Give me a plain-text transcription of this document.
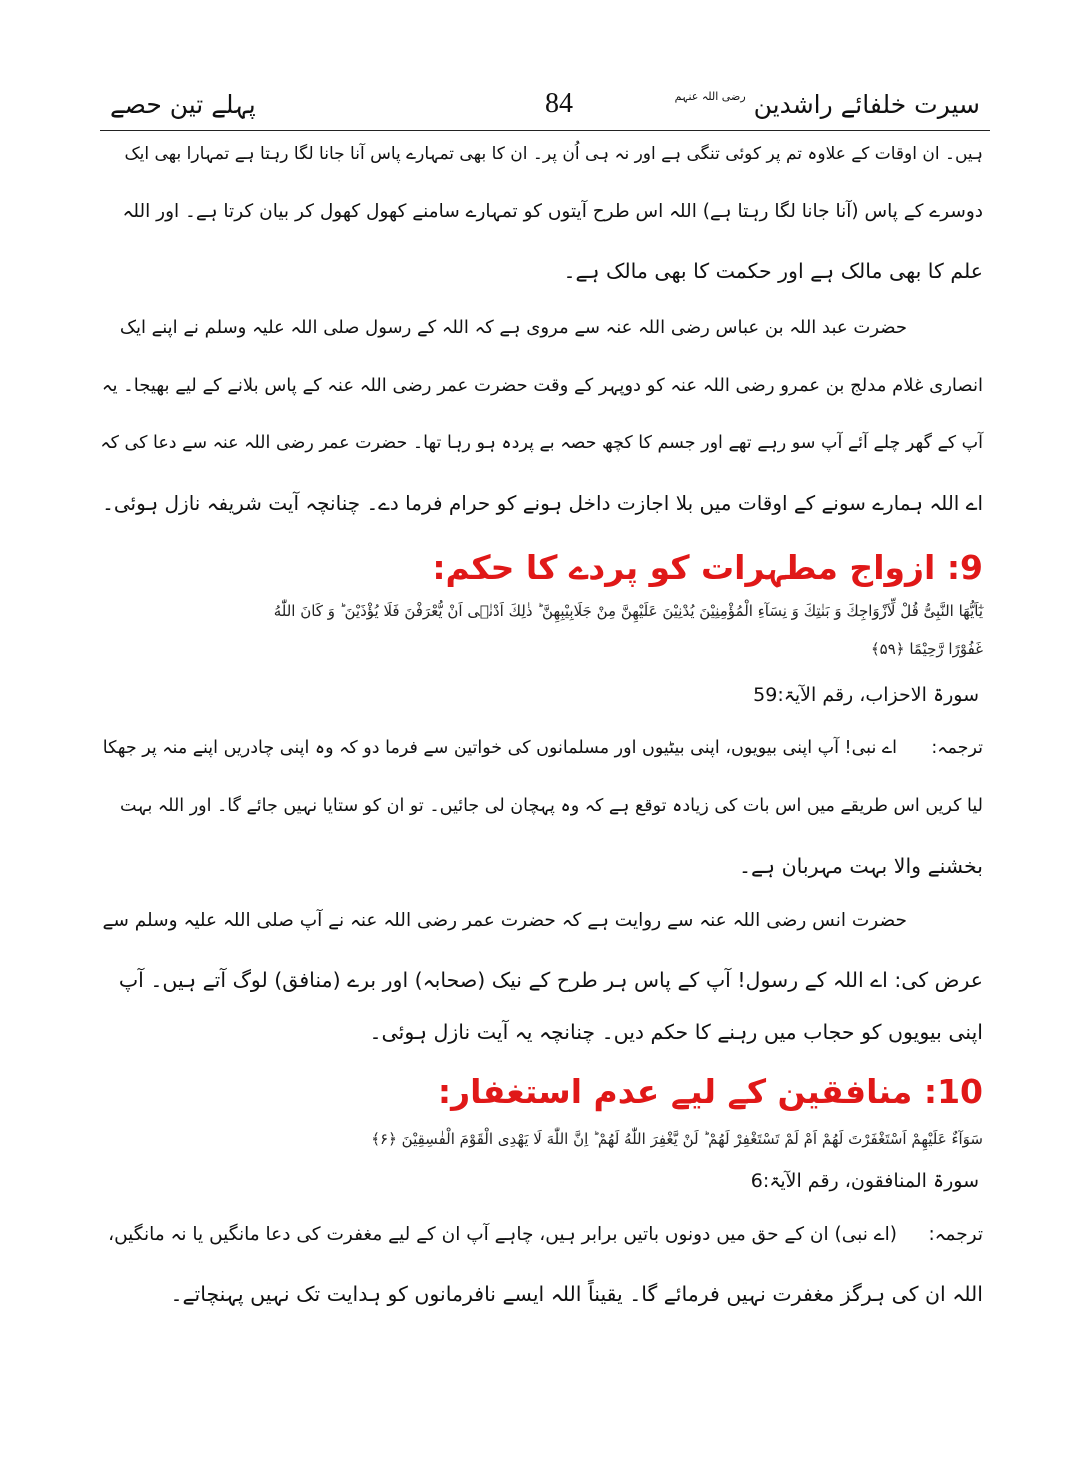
سیرت خلفائے راشدین $^{رضی اللہ عنہم}$
84
پہلے تین حصے
ہیں۔ ان اوقات کے علاوہ تم پر کوئی تنگی ہے اور نہ ہی اُن پر۔ ان کا بھی تمہارے پاس آنا جانا لگا رہتا ہے تمہارا بھی ایک
دوسرے کے پاس (آنا جانا لگا رہتا ہے) اللہ اس طرح آیتوں کو تمہارے سامنے کھول کھول کر بیان کرتا ہے۔ اور اللہ
علم کا بھی مالک ہے اور حکمت کا بھی مالک ہے۔
حضرت عبد اللہ بن عباس رضی اللہ عنہ سے مروی ہے کہ اللہ کے رسول صلی اللہ علیہ وسلم نے اپنے ایک
انصاری غلام مدلج بن عمرو رضی اللہ عنہ کو دوپہر کے وقت حضرت عمر رضی اللہ عنہ کے پاس بلانے کے لیے بھیجا۔ یہ
آپ کے گھر چلے آئے آپ سو رہے تھے اور جسم کا کچھ حصہ بے پردہ ہو رہا تھا۔ حضرت عمر رضی اللہ عنہ سے دعا کی کہ
اے اللہ ہمارے سونے کے اوقات میں بلا اجازت داخل ہونے کو حرام فرما دے۔ چنانچہ آیت شریفہ نازل ہوئی۔
9: ازواج مطہرات کو پردے کا حکم:
یٰٓاَیُّهَا النَّبِیُّ قُلْ لِّاَزْوَاجِكَ وَ بَنٰتِكَ وَ نِسَآءِ الْمُؤْمِنِیْنَ یُدْنِیْنَ عَلَیْهِنَّ مِنْ جَلَابِیْبِهِنَّ ؕ ذٰلِكَ اَدْنٰۤی اَنْ یُّعْرَفْنَ فَلَا یُؤْذَیْنَ ؕ وَ كَانَ اللّٰهُ
غَفُوْرًا رَّحِیْمًا ﴿۵۹﴾
سورۃ الاحزاب، رقم الآیۃ:59
ترجمہ:اے نبی! آپ اپنی بیویوں، اپنی بیٹیوں اور مسلمانوں کی خواتین سے فرما دو کہ وہ اپنی چادریں اپنے منہ پر جھکا
لیا کریں اس طریقے میں اس بات کی زیادہ توقع ہے کہ وہ پہچان لی جائیں۔ تو ان کو ستایا نہیں جائے گا۔ اور اللہ بہت
بخشنے والا بہت مہربان ہے۔
حضرت انس رضی اللہ عنہ سے روایت ہے کہ حضرت عمر رضی اللہ عنہ نے آپ صلی اللہ علیہ وسلم سے
عرض کی: اے اللہ کے رسول! آپ کے پاس ہر طرح کے نیک (صحابہ) اور برے (منافق) لوگ آتے ہیں۔ آپ
اپنی بیویوں کو حجاب میں رہنے کا حکم دیں۔ چنانچہ یہ آیت نازل ہوئی۔
10: منافقین کے لیے عدم استغفار:
سَوَآءٌ عَلَیْهِمْ اَسْتَغْفَرْتَ لَهُمْ اَمْ لَمْ تَسْتَغْفِرْ لَهُمْ ؕ لَنْ یَّغْفِرَ اللّٰهُ لَهُمْ ؕ اِنَّ اللّٰهَ لَا یَهْدِی الْقَوْمَ الْفٰسِقِیْنَ ﴿۶﴾
سورۃ المنافقون، رقم الآیۃ:6
ترجمہ:(اے نبی) ان کے حق میں دونوں باتیں برابر ہیں، چاہے آپ ان کے لیے مغفرت کی دعا مانگیں یا نہ مانگیں،
اللہ ان کی ہرگز مغفرت نہیں فرمائے گا۔ یقیناً اللہ ایسے نافرمانوں کو ہدایت تک نہیں پہنچاتے۔
